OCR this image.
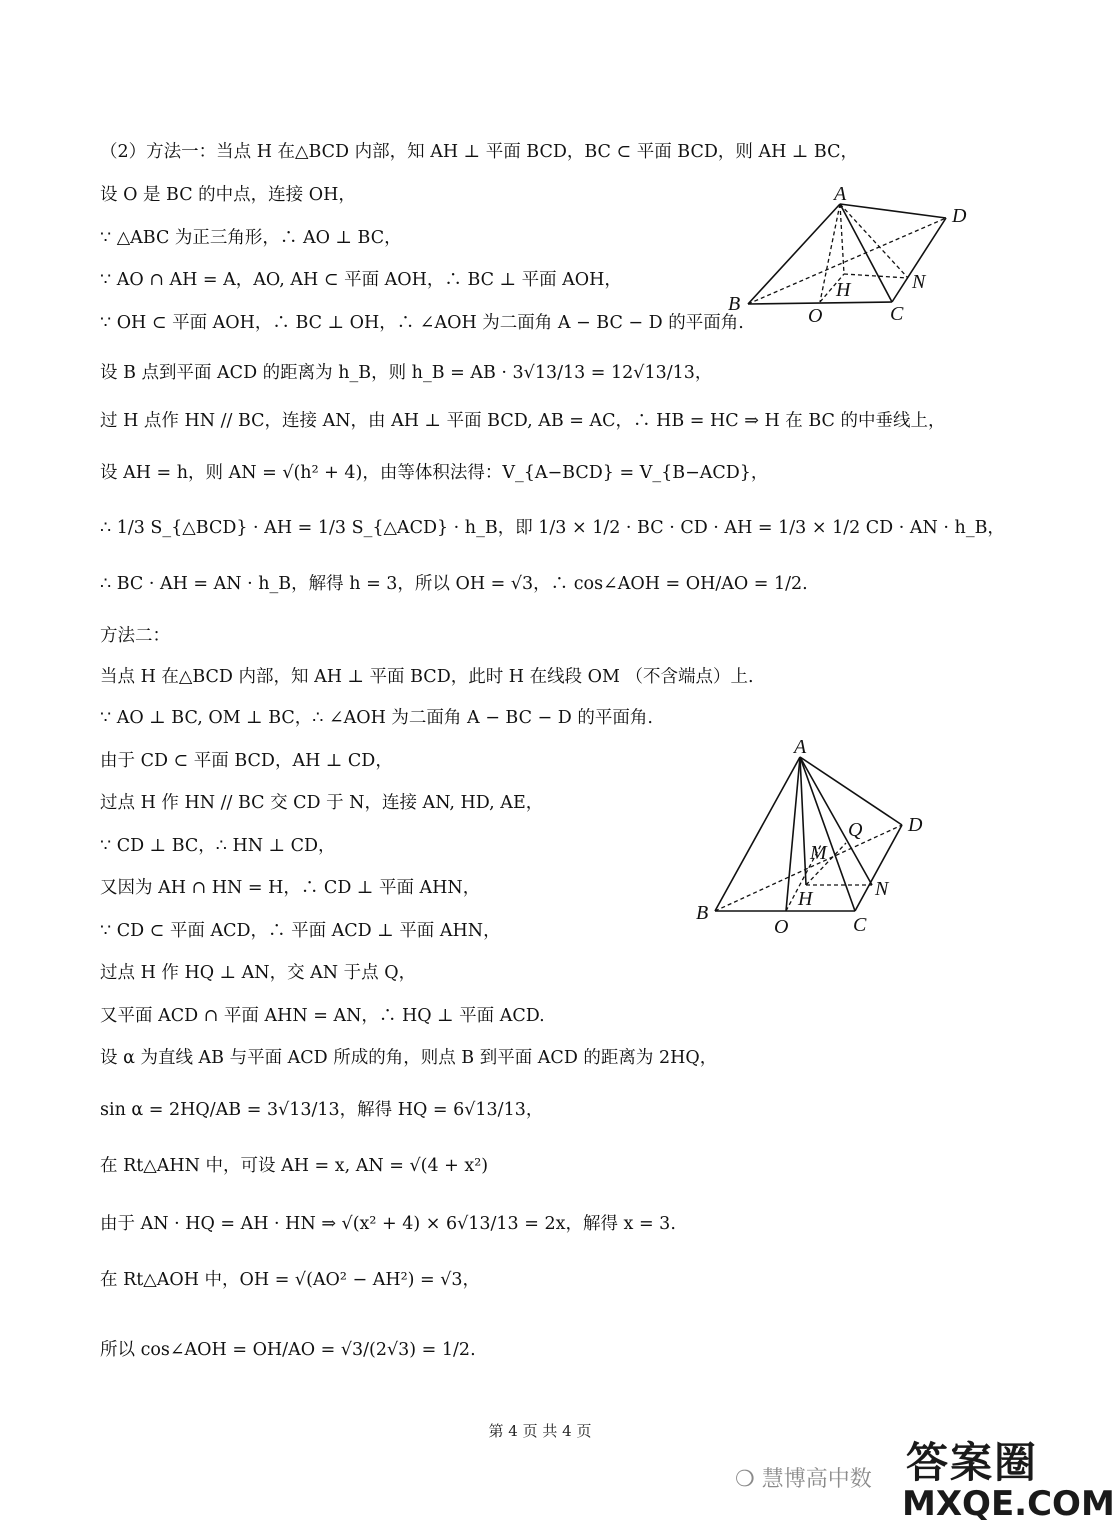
（2）方法一：当点 H 在△BCD 内部，知 AH ⊥ 平面 BCD，BC ⊂ 平面 BCD，则 AH ⊥ BC，
设 O 是 BC 的中点，连接 OH，
∵ △ABC 为正三角形，∴ AO ⊥ BC，
∵ AO ∩ AH = A，AO, AH ⊂ 平面 AOH，∴ BC ⊥ 平面 AOH，
∵ OH ⊂ 平面 AOH，∴ BC ⊥ OH，∴ ∠AOH 为二面角 A − BC − D 的平面角.
设 B 点到平面 ACD 的距离为 h_B，则 h_B = AB · 3√13/13 = 12√13/13，
过 H 点作 HN // BC，连接 AN，由 AH ⊥ 平面 BCD, AB = AC，∴ HB = HC ⇒ H 在 BC 的中垂线上，
设 AH = h，则 AN = √(h² + 4)，由等体积法得：V_{A−BCD} = V_{B−ACD}，
∴ 1/3 S_{△BCD} · AH = 1/3 S_{△ACD} · h_B，即 1/3 × 1/2 · BC · CD · AH = 1/3 × 1/2 CD · AN · h_B，
∴ BC · AH = AN · h_B，解得 h = 3，所以 OH = √3，∴ cos∠AOH = OH/AO = 1/2.
方法二：
当点 H 在△BCD 内部，知 AH ⊥ 平面 BCD，此时 H 在线段 OM （不含端点）上.
∵ AO ⊥ BC, OM ⊥ BC，∴ ∠AOH 为二面角 A − BC − D 的平面角.
由于 CD ⊂ 平面 BCD，AH ⊥ CD，
过点 H 作 HN // BC 交 CD 于 N，连接 AN, HD, AE，
∵ CD ⊥ BC，∴ HN ⊥ CD，
又因为 AH ∩ HN = H，∴ CD ⊥ 平面 AHN，
∵ CD ⊂ 平面 ACD，∴ 平面 ACD ⊥ 平面 AHN，
过点 H 作 HQ ⊥ AN，交 AN 于点 Q，
又平面 ACD ∩ 平面 AHN = AN，∴ HQ ⊥ 平面 ACD.
设 α 为直线 AB 与平面 ACD 所成的角，则点 B 到平面 ACD 的距离为 2HQ，
sin α = 2HQ/AB = 3√13/13，解得 HQ = 6√13/13，
在 Rt△AHN 中，可设 AH = x, AN = √(4 + x²)
由于 AN · HQ = AH · HN ⇒ √(x² + 4) × 6√13/13 = 2x，解得 x = 3.
在 Rt△AOH 中，OH = √(AO² − AH²) = √3，
所以 cos∠AOH = OH/AO = √3/(2√3) = 1/2.
A
D
B
O	C
H	N
A
D
Q
M
H	N
B
O	C
第 4 页 共 4 页
❍ 慧博高中数 答案圈
MXQE.COM
